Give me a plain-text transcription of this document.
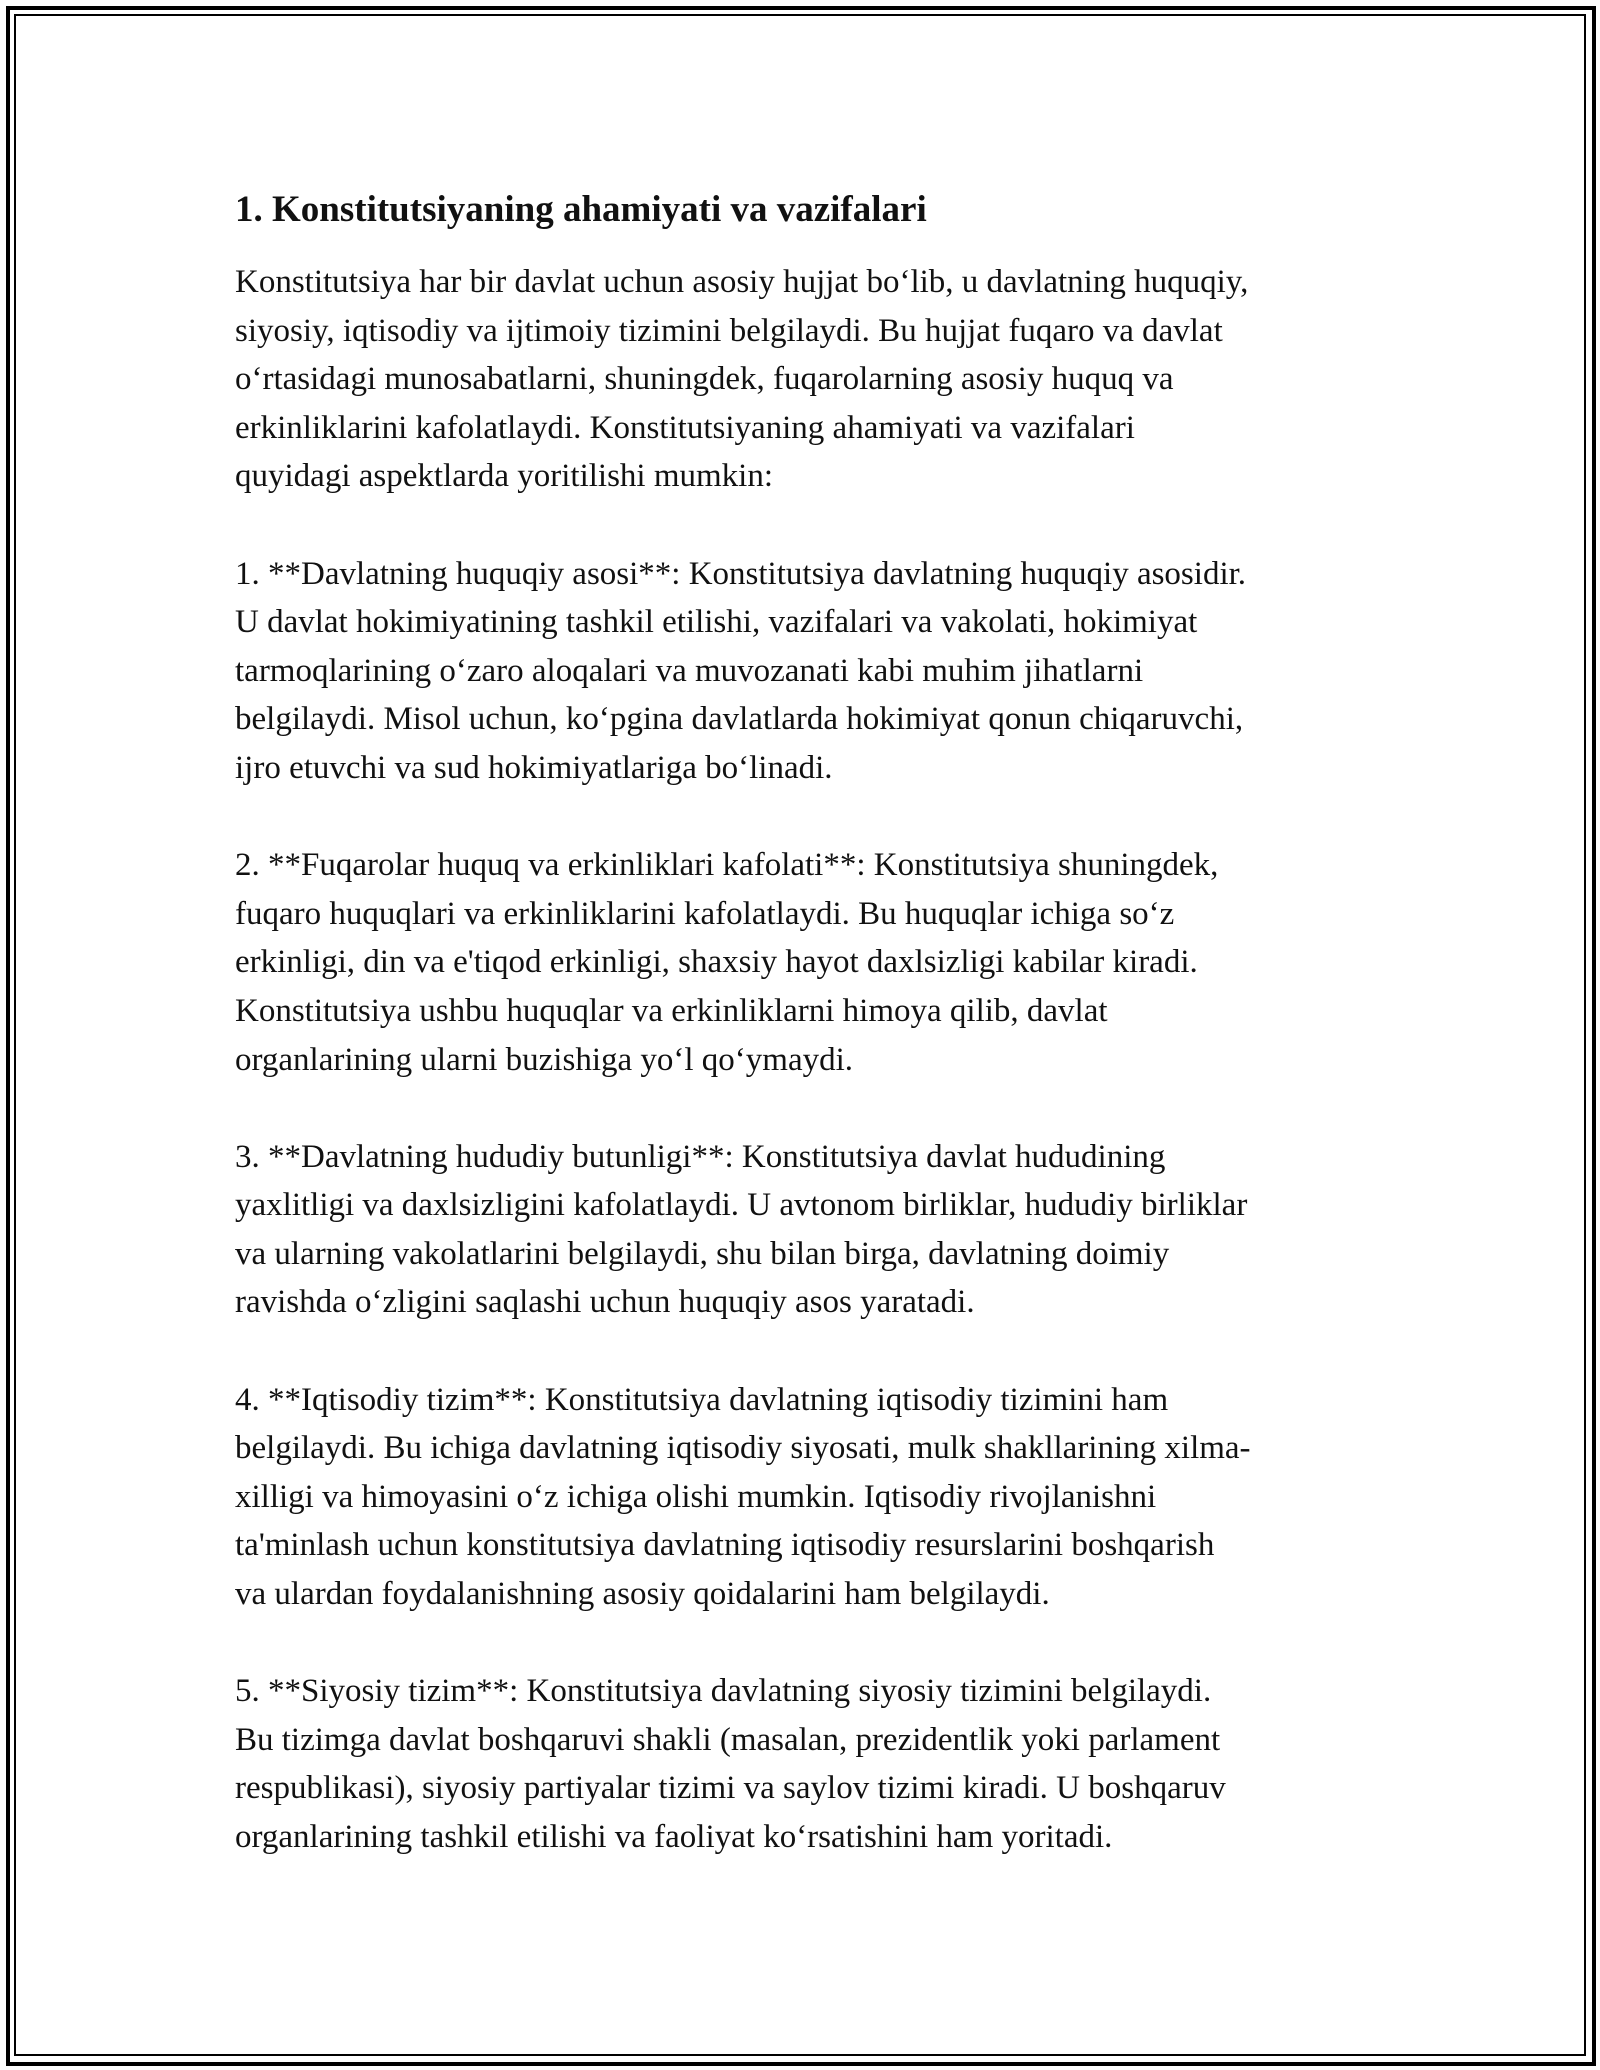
1. Konstitutsiyaning ahamiyati va vazifalari

Konstitutsiya har bir davlat uchun asosiy hujjat bo‘lib, u davlatning huquqiy,
siyosiy, iqtisodiy va ijtimoiy tizimini belgilaydi. Bu hujjat fuqaro va davlat
o‘rtasidagi munosabatlarni, shuningdek, fuqarolarning asosiy huquq va
erkinliklarini kafolatlaydi. Konstitutsiyaning ahamiyati va vazifalari
quyidagi aspektlarda yoritilishi mumkin:

1. **Davlatning huquqiy asosi**: Konstitutsiya davlatning huquqiy asosidir.
U davlat hokimiyatining tashkil etilishi, vazifalari va vakolati, hokimiyat
tarmoqlarining o‘zaro aloqalari va muvozanati kabi muhim jihatlarni
belgilaydi. Misol uchun, ko‘pgina davlatlarda hokimiyat qonun chiqaruvchi,
ijro etuvchi va sud hokimiyatlariga bo‘linadi.

2. **Fuqarolar huquq va erkinliklari kafolati**: Konstitutsiya shuningdek,
fuqaro huquqlari va erkinliklarini kafolatlaydi. Bu huquqlar ichiga so‘z
erkinligi, din va e'tiqod erkinligi, shaxsiy hayot daxlsizligi kabilar kiradi.
Konstitutsiya ushbu huquqlar va erkinliklarni himoya qilib, davlat
organlarining ularni buzishiga yo‘l qo‘ymaydi.

3. **Davlatning hududiy butunligi**: Konstitutsiya davlat hududining
yaxlitligi va daxlsizligini kafolatlaydi. U avtonom birliklar, hududiy birliklar
va ularning vakolatlarini belgilaydi, shu bilan birga, davlatning doimiy
ravishda o‘zligini saqlashi uchun huquqiy asos yaratadi.

4. **Iqtisodiy tizim**: Konstitutsiya davlatning iqtisodiy tizimini ham
belgilaydi. Bu ichiga davlatning iqtisodiy siyosati, mulk shakllarining xilma-
xilligi va himoyasini o‘z ichiga olishi mumkin. Iqtisodiy rivojlanishni
ta'minlash uchun konstitutsiya davlatning iqtisodiy resurslarini boshqarish
va ulardan foydalanishning asosiy qoidalarini ham belgilaydi.

5. **Siyosiy tizim**: Konstitutsiya davlatning siyosiy tizimini belgilaydi.
Bu tizimga davlat boshqaruvi shakli (masalan, prezidentlik yoki parlament
respublikasi), siyosiy partiyalar tizimi va saylov tizimi kiradi. U boshqaruv
organlarining tashkil etilishi va faoliyat ko‘rsatishini ham yoritadi.
